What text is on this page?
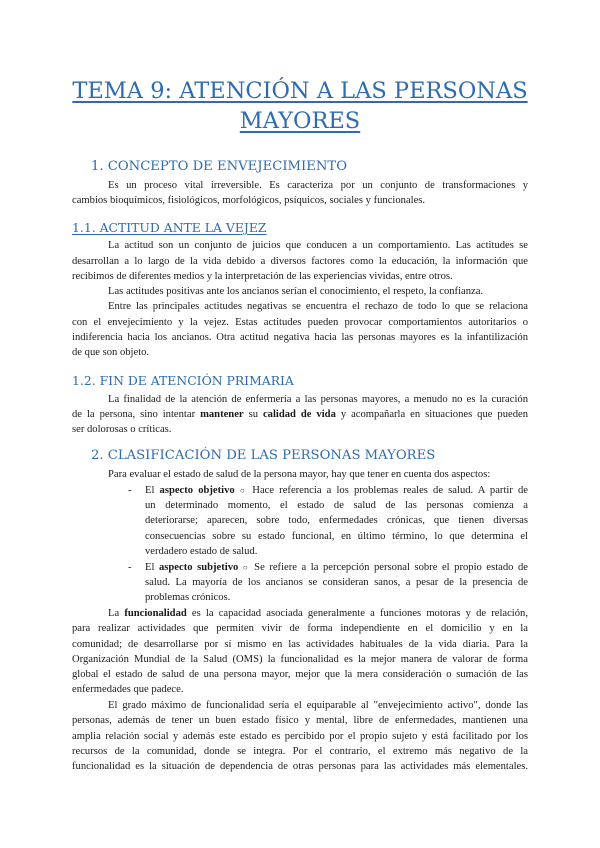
TEMA 9: ATENCIÓN A LAS PERSONAS
MAYORES
1. CONCEPTO DE ENVEJECIMIENTO
Es un proceso vital irreversible. Es caracteriza por un conjunto de transformaciones y
cambios bioquímicos, fisiológicos, morfológicos, psíquicos, sociales y funcionales.
1.1. ACTITUD ANTE LA VEJEZ
La actitud son un conjunto de juicios que conducen a un comportamiento. Las actitudes se
desarrollan a lo largo de la vida debido a diversos factores como la educación, la información que
recibimos de diferentes medios y la interpretación de las experiencias vividas, entre otros.
Las actitudes positivas ante los ancianos serían el conocimiento, el respeto, la confianza.
Entre las principales actitudes negativas se encuentra el rechazo de todo lo que se relaciona
con el envejecimiento y la vejez. Estas actitudes pueden provocar comportamientos autoritarios o
indiferencia hacia los ancianos. Otra actitud negativa hacia las personas mayores es la infantilización
de que son objeto.
1.2. FIN DE ATENCIÓN PRIMARIA
La finalidad de la atención de enfermería a las personas mayores, a menudo no es la curación
de la persona, sino intentar mantener su calidad de vida y acompañarla en situaciones que pueden
ser dolorosas o críticas.
2. CLASIFICACIÓN DE LAS PERSONAS MAYORES
Para evaluar el estado de salud de la persona mayor, hay que tener en cuenta dos aspectos:
- El aspecto objetivo ○ Hace referencia a los problemas reales de salud. A partir de
un determinado momento, el estado de salud de las personas comienza a
deteriorarse; aparecen, sobre todo, enfermedades crónicas, que tienen diversas
consecuencias sobre su estado funcional, en último término, lo que determina el
verdadero estado de salud.
- El aspecto subjetivo ○ Se refiere a la percepción personal sobre el propio estado de
salud. La mayoría de los ancianos se consideran sanos, a pesar de la presencia de
problemas crónicos.
La funcionalidad es la capacidad asociada generalmente a funciones motoras y de relación,
para realizar actividades que permiten vivir de forma independiente en el domicilio y en la
comunidad; de desarrollarse por sí mismo en las actividades habituales de la vida diaria. Para la
Organización Mundial de la Salud (OMS) la funcionalidad es la mejor manera de valorar de forma
global el estado de salud de una persona mayor, mejor que la mera consideración o sumación de las
enfermedades que padece.
El grado máximo de funcionalidad sería el equiparable al "envejecimiento activo", donde las
personas, además de tener un buen estado físico y mental, libre de enfermedades, mantienen una
amplia relación social y además este estado es percibido por el propio sujeto y está facilitado por los
recursos de la comunidad, donde se integra. Por el contrario, el extremo más negativo de la
funcionalidad es la situación de dependencia de otras personas para las actividades más elementales.
